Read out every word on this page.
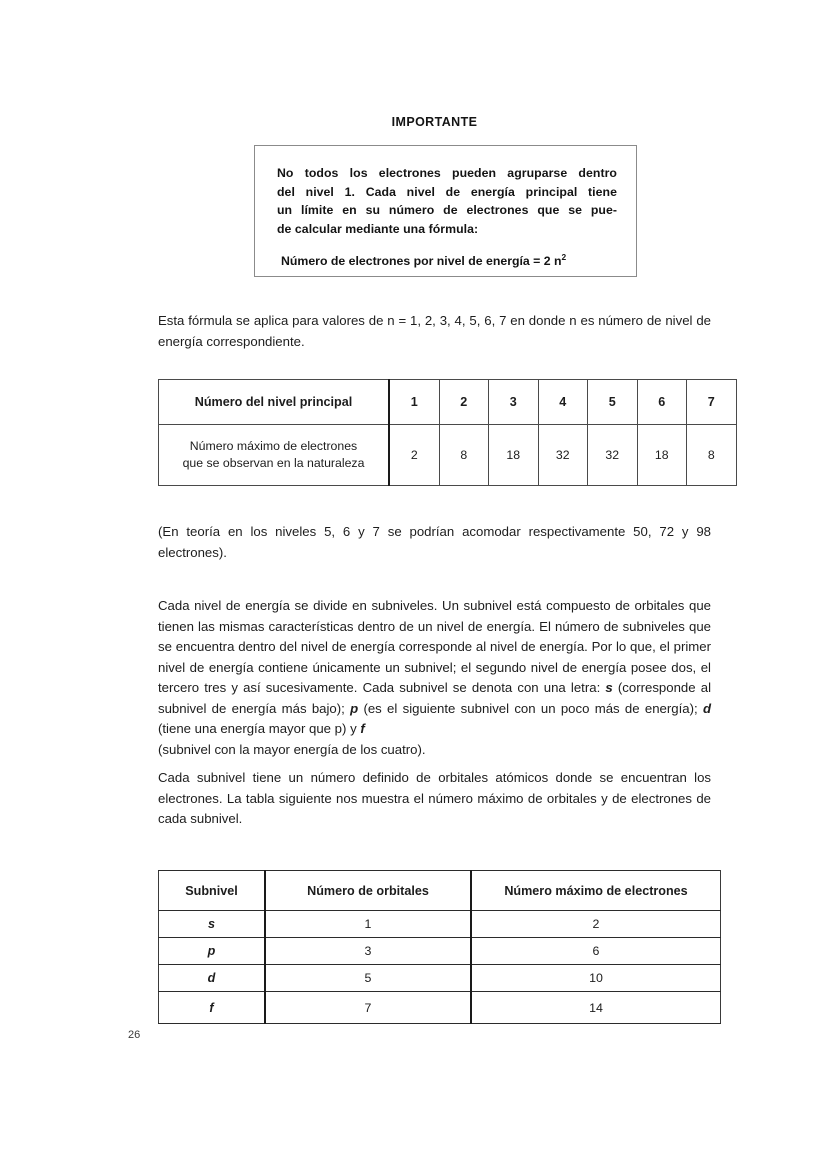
IMPORTANTE
No todos los electrones pueden agruparse dentro
del nivel 1. Cada nivel de energía principal tiene
un límite en su número de electrones que se pue-
de calcular mediante una fórmula:
Número de electrones por nivel de energía = 2 $n^2$
Esta fórmula se aplica para valores de n = 1, 2, 3, 4, 5, 6, 7 en donde n es número de nivel de energía correspondiente.
Número del nivel principal	1	2	3	4	5	6	7

Número máximo de electrones
que se observan en la naturaleza	2	8	18	32	32	18	8
(En teoría en los niveles 5, 6 y 7 se podrían acomodar respectivamente 50, 72 y 98 electrones).
Cada nivel de energía se divide en subniveles. Un subnivel está compuesto de orbitales que tienen las mismas características dentro de un nivel de energía. El número de subniveles que se encuentra dentro del nivel de energía corresponde al nivel de energía. Por lo que, el primer nivel de energía contiene únicamente un subnivel; el segundo nivel de energía posee dos, el tercero tres y así sucesivamente. Cada subnivel se denota con una letra: s (corresponde al subnivel de energía más bajo); p (es el siguiente subnivel con un poco más de energía); d (tiene una energía mayor que p) y f
(subnivel con la mayor energía de los cuatro).
Cada subnivel tiene un número definido de orbitales atómicos donde se encuentran los electrones. La tabla siguiente nos muestra el número máximo de orbitales y de electrones de cada subnivel.
Subnivel	Número de orbitales	Número máximo de electrones
s	1	2
p	3	6
d	5	10
f	7	14
26
